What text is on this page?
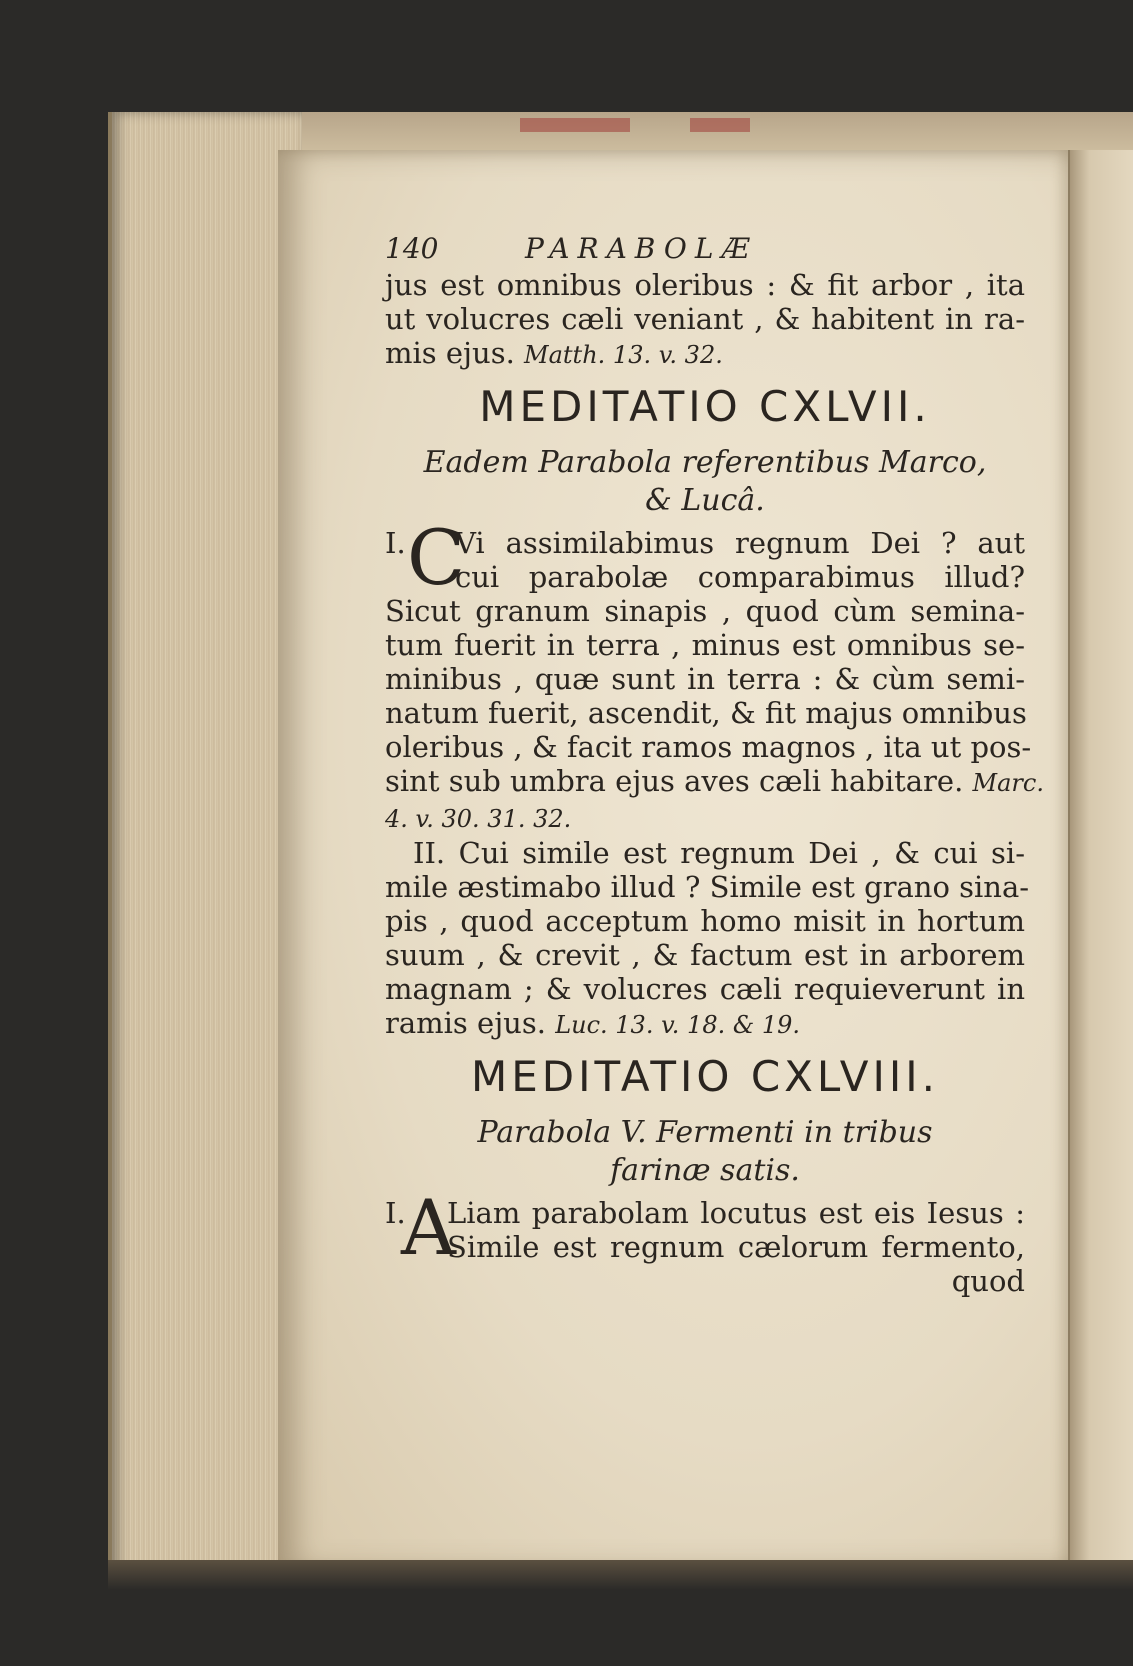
140	PARABOLÆ

jus est omnibus oleribus : & fit arbor , ita

ut volucres cæli veniant , & habitent in ra-

mis ejus. Matth. 13. v. 32.

MEDITATIO CXLVII.

Eadem Parabola referentibus Marco,

& Lucâ.

I. C

Vi assimilabimus regnum Dei ? aut

cui parabolæ comparabimus illud?

Sicut granum sinapis , quod cùm semina-

tum fuerit in terra , minus est omnibus se-

minibus , quæ sunt in terra : & cùm semi-

natum fuerit, ascendit, & fit majus omnibus

oleribus , & facit ramos magnos , ita ut pos-

sint sub umbra ejus aves cæli habitare. Marc.

4. v. 30. 31. 32.

II. Cui simile est regnum Dei , & cui si-

mile æstimabo illud ? Simile est grano sina-

pis , quod acceptum homo misit in hortum

suum , & crevit , & factum est in arborem

magnam ; & volucres cæli requieverunt in

ramis ejus. Luc. 13. v. 18. & 19.

MEDITATIO CXLVIII.

Parabola V. Fermenti in tribus

farinæ satis.

I.
A

Liam parabolam locutus est eis Iesus :

Simile est regnum cælorum fermento,

quod
